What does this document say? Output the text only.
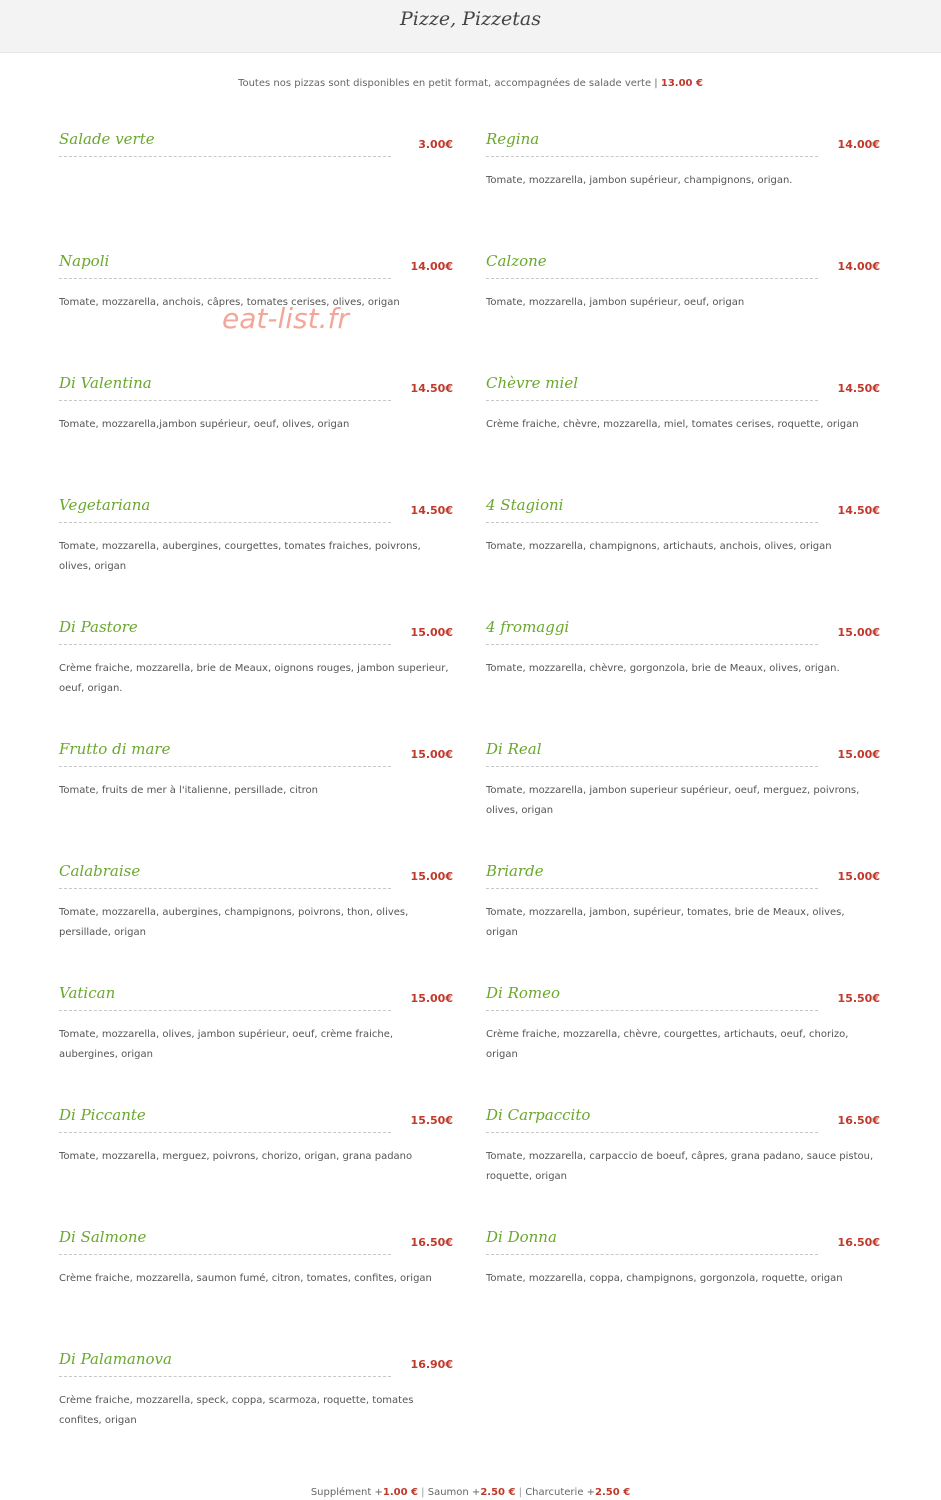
Pizze, Pizzetas
Toutes nos pizzas sont disponibles en petit format, accompagnées de salade verte | 13.00 €
Salade verte	3.00€ Regina	14.00€
Tomate, mozzarella, jambon supérieur, champignons, origan.
Napoli	14.00€
Tomate, mozzarella, anchois, câpres, tomates cerises, olives, origan
Calzone	14.00€
Tomate, mozzarella, jambon supérieur, oeuf, origan
Di Valentina	14.50€
Tomate, mozzarella,jambon supérieur, oeuf, olives, origan
Chèvre miel	14.50€
Crème fraiche, chèvre, mozzarella, miel, tomates cerises, roquette, origan
Vegetariana	14.50€
Tomate, mozzarella, aubergines, courgettes, tomates fraiches, poivrons, olives, origan
4 Stagioni	14.50€
Tomate, mozzarella, champignons, artichauts, anchois, olives, origan
Di Pastore	15.00€
Crème fraiche, mozzarella, brie de Meaux, oignons rouges, jambon superieur, oeuf, origan.
4 fromaggi	15.00€
Tomate, mozzarella, chèvre, gorgonzola, brie de Meaux, olives, origan.
Frutto di mare	15.00€
Tomate, fruits de mer à l'italienne, persillade, citron
Di Real	15.00€
Tomate, mozzarella, jambon superieur supérieur, oeuf, merguez, poivrons, olives, origan
Calabraise	15.00€
Tomate, mozzarella, aubergines, champignons, poivrons, thon, olives, persillade, origan
Briarde	15.00€
Tomate, mozzarella, jambon, supérieur, tomates, brie de Meaux, olives, origan
Vatican	15.00€
Tomate, mozzarella, olives, jambon supérieur, oeuf, crème fraiche, aubergines, origan
Di Romeo	15.50€
Crème fraiche, mozzarella, chèvre, courgettes, artichauts, oeuf, chorizo, origan
Di Piccante	15.50€
Tomate, mozzarella, merguez, poivrons, chorizo, origan, grana padano
Di Carpaccito	16.50€
Tomate, mozzarella, carpaccio de boeuf, câpres, grana padano, sauce pistou, roquette, origan
Di Salmone	16.50€
Crème fraiche, mozzarella, saumon fumé, citron, tomates, confites, origan
Di Donna	16.50€
Tomate, mozzarella, coppa, champignons, gorgonzola, roquette, origan
Di Palamanova	16.90€
Crème fraiche, mozzarella, speck, coppa, scarmoza, roquette, tomates confites, origan
eat-list.fr
Supplément +1.00 € | Saumon +2.50 € | Charcuterie +2.50 €
